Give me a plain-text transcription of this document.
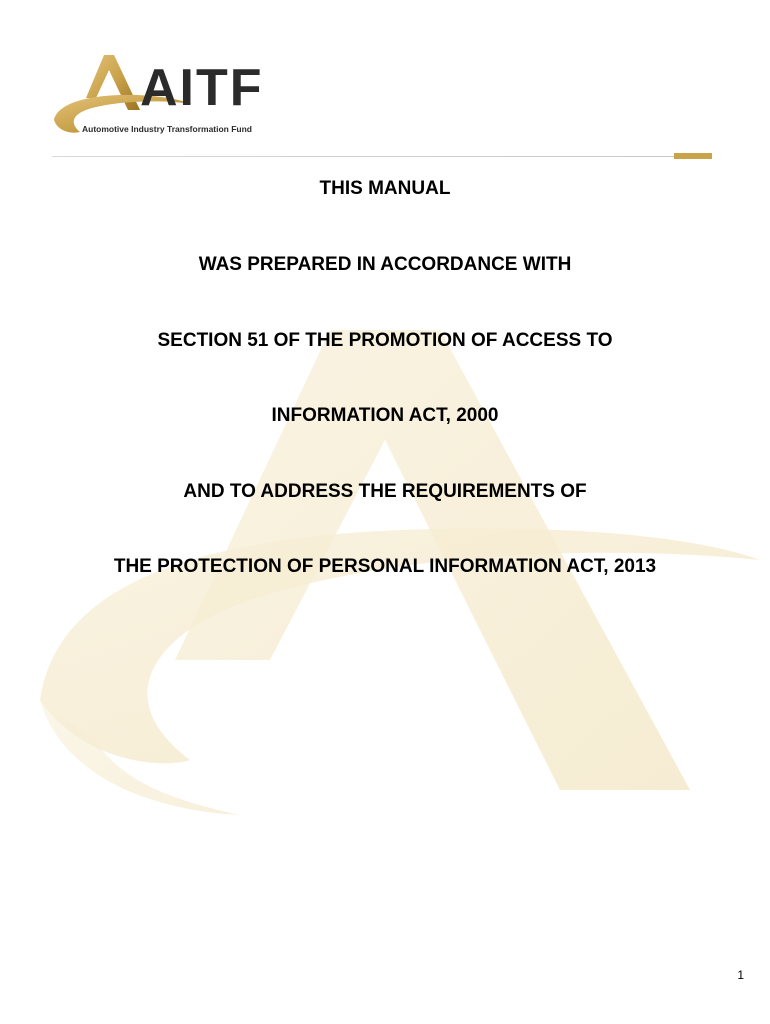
AITF
Automotive Industry Transformation Fund
THIS MANUAL
WAS PREPARED IN ACCORDANCE WITH
SECTION 51 OF THE PROMOTION OF ACCESS TO
INFORMATION ACT, 2000
AND TO ADDRESS THE REQUIREMENTS OF
THE PROTECTION OF PERSONAL INFORMATION ACT, 2013
1
